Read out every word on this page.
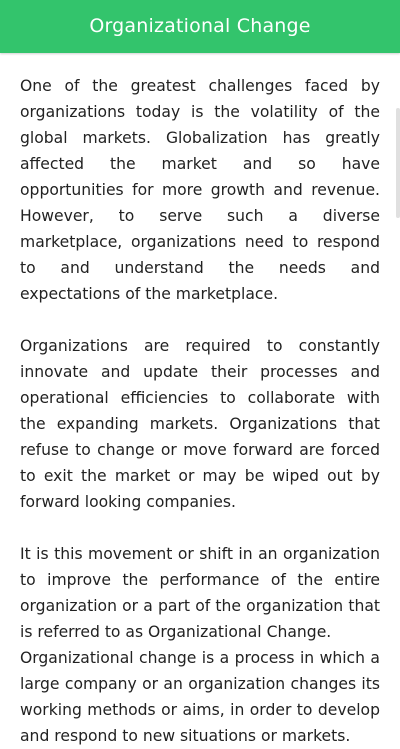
Organizational Change

One of the greatest challenges faced by organizations today is the volatility of the global markets. Globalization has greatly affected the market and so have opportunities for more growth and revenue. However, to serve such a diverse marketplace, organizations need to respond to and understand the needs and expectations of the marketplace.

Organizations are required to constantly innovate and update their processes and operational efficiencies to collaborate with the expanding markets. Organizations that refuse to change or move forward are forced to exit the market or may be wiped out by forward looking companies.

It is this movement or shift in an organization to improve the performance of the entire organization or a part of the organization that is referred to as Organizational Change.

Organizational change is a process in which a large company or an organization changes its working methods or aims, in order to develop and respond to new situations or markets.
